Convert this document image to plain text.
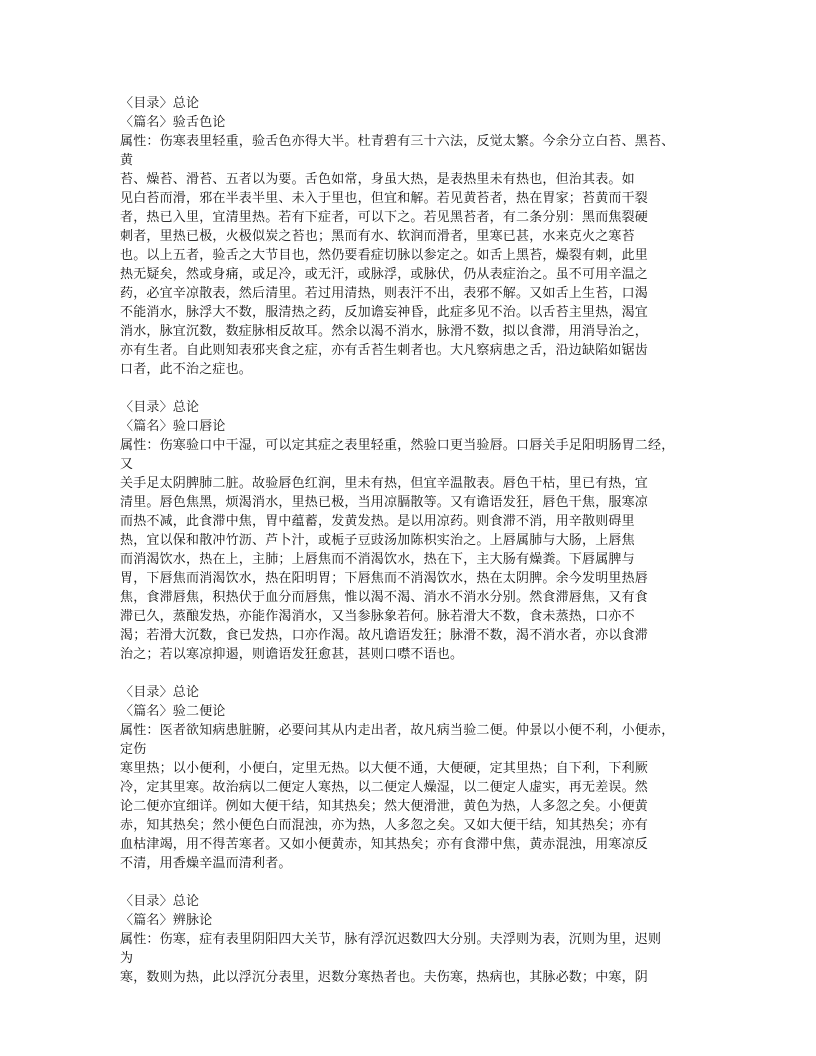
〈目录〉总论
〈篇名〉验舌色论
属性：伤寒表里轻重，验舌色亦得大半。杜青碧有三十六法，反觉太繁。今余分立白苔、黑苔、
黄
苔、燥苔、滑苔、五者以为要。舌色如常，身虽大热，是表热里未有热也，但治其表。如
见白苔而滑，邪在半表半里、未入于里也，但宜和解。若见黄苔者，热在胃家；苔黄而干裂
者，热已入里，宜清里热。若有下症者，可以下之。若见黑苔者，有二条分别：黑而焦裂硬
刺者，里热已极，火极似炭之苔也；黑而有水、软润而滑者，里寒已甚，水来克火之寒苔
也。以上五者，验舌之大节目也，然仍要看症切脉以参定之。如舌上黑苔，燥裂有刺，此里
热无疑矣，然或身痛，或足冷，或无汗，或脉浮，或脉伏，仍从表症治之。虽不可用辛温之
药，必宜辛凉散表，然后清里。若过用清热，则表汗不出，表邪不解。又如舌上生苔，口渴
不能消水，脉浮大不数，服清热之药，反加谵妄神昏，此症多见不治。以舌苔主里热，渴宜
消水，脉宜沉数，数症脉相反故耳。然余以渴不消水，脉滑不数，拟以食滞，用消导治之，
亦有生者。自此则知表邪夹食之症，亦有舌苔生刺者也。大凡察病患之舌，沿边缺陷如锯齿
口者，此不治之症也。
〈目录〉总论
〈篇名〉验口唇论
属性：伤寒验口中干湿，可以定其症之表里轻重，然验口更当验唇。口唇关手足阳明肠胃二经，
又
关手足太阴脾肺二脏。故验唇色红润，里未有热，但宜辛温散表。唇色干枯，里已有热，宜
清里。唇色焦黑，烦渴消水，里热已极，当用凉膈散等。又有谵语发狂，唇色干焦，服寒凉
而热不减，此食滞中焦，胃中蕴蓄，发黄发热。是以用凉药。则食滞不消，用辛散则碍里
热，宜以保和散冲竹沥、芦卜汁，或栀子豆豉汤加陈枳实治之。上唇属肺与大肠，上唇焦
而消渴饮水，热在上，主肺；上唇焦而不消渴饮水，热在下，主大肠有燥粪。下唇属脾与
胃，下唇焦而消渴饮水，热在阳明胃；下唇焦而不消渴饮水，热在太阴脾。余今发明里热唇
焦，食滞唇焦，积热伏于血分而唇焦，惟以渴不渴、消水不消水分别。然食滞唇焦，又有食
滞已久，蒸酿发热，亦能作渴消水，又当参脉象若何。脉若滑大不数，食未蒸热，口亦不
渴；若滑大沉数，食已发热，口亦作渴。故凡谵语发狂；脉滑不数，渴不消水者，亦以食滞
治之；若以寒凉抑遏，则谵语发狂愈甚，甚则口噤不语也。
〈目录〉总论
〈篇名〉验二便论
属性：医者欲知病患脏腑，必要问其从内走出者，故凡病当验二便。仲景以小便不利，小便赤，
定伤
寒里热；以小便利，小便白，定里无热。以大便不通，大便硬，定其里热；自下利，下利厥
冷，定其里寒。故治病以二便定人寒热，以二便定人燥湿，以二便定人虚实，再无差误。然
论二便亦宜细详。例如大便干结，知其热矣；然大便滑泄，黄色为热，人多忽之矣。小便黄
赤，知其热矣；然小便色白而混浊，亦为热，人多忽之矣。又如大便干结，知其热矣；亦有
血枯津竭，用不得苦寒者。又如小便黄赤，知其热矣；亦有食滞中焦，黄赤混浊，用寒凉反
不清，用香燥辛温而清利者。
〈目录〉总论
〈篇名〉辨脉论
属性：伤寒，症有表里阴阳四大关节，脉有浮沉迟数四大分别。夫浮则为表，沉则为里，迟则
为
寒，数则为热，此以浮沉分表里，迟数分寒热者也。夫伤寒，热病也，其脉必数；中寒，阴
